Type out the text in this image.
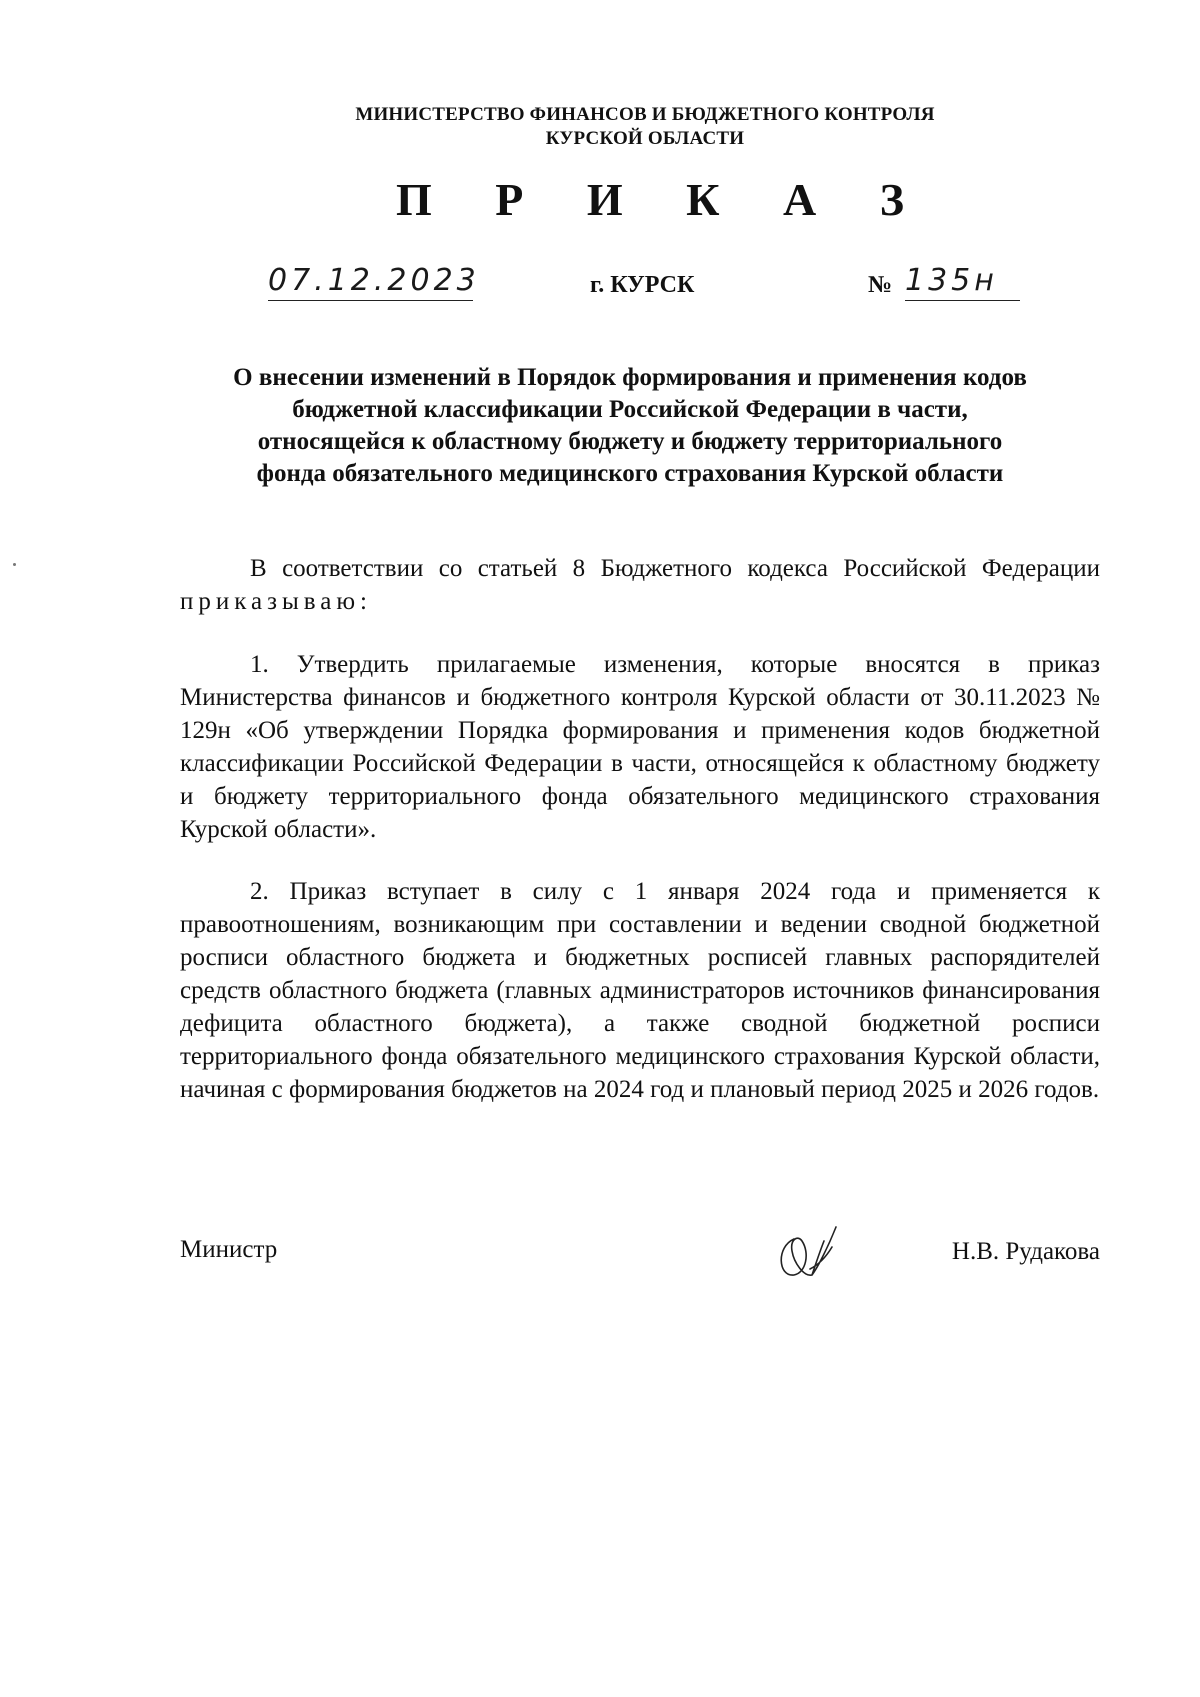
МИНИСТЕРСТВО ФИНАНСОВ И БЮДЖЕТНОГО КОНТРОЛЯ
КУРСКОЙ ОБЛАСТИ
П Р И К А З
07.12.2023	г. КУРСК	№ 135н
О внесении изменений в Порядок формирования и применения кодов
бюджетной классификации Российской Федерации в части,
относящейся к областному бюджету и бюджету территориального
фонда обязательного медицинского страхования Курской области
В соответствии со статьей 8 Бюджетного кодекса Российской Федерации приказываю:
1. Утвердить прилагаемые изменения, которые вносятся в приказ Министерства финансов и бюджетного контроля Курской области от 30.11.2023 № 129н «Об утверждении Порядка формирования и применения кодов бюджетной классификации Российской Федерации в части, относящейся к областному бюджету и бюджету территориального фонда обязательного медицинского страхования Курской области».
2. Приказ вступает в силу с 1 января 2024 года и применяется к правоотношениям, возникающим при составлении и ведении сводной бюджетной росписи областного бюджета и бюджетных росписей главных распорядителей средств областного бюджета (главных администраторов источников финансирования дефицита областного бюджета), а также сводной бюджетной росписи территориального фонда обязательного медицинского страхования Курской области, начиная с формирования бюджетов на 2024 год и плановый период 2025 и 2026 годов.
Министр	Н.В. Рудакова
